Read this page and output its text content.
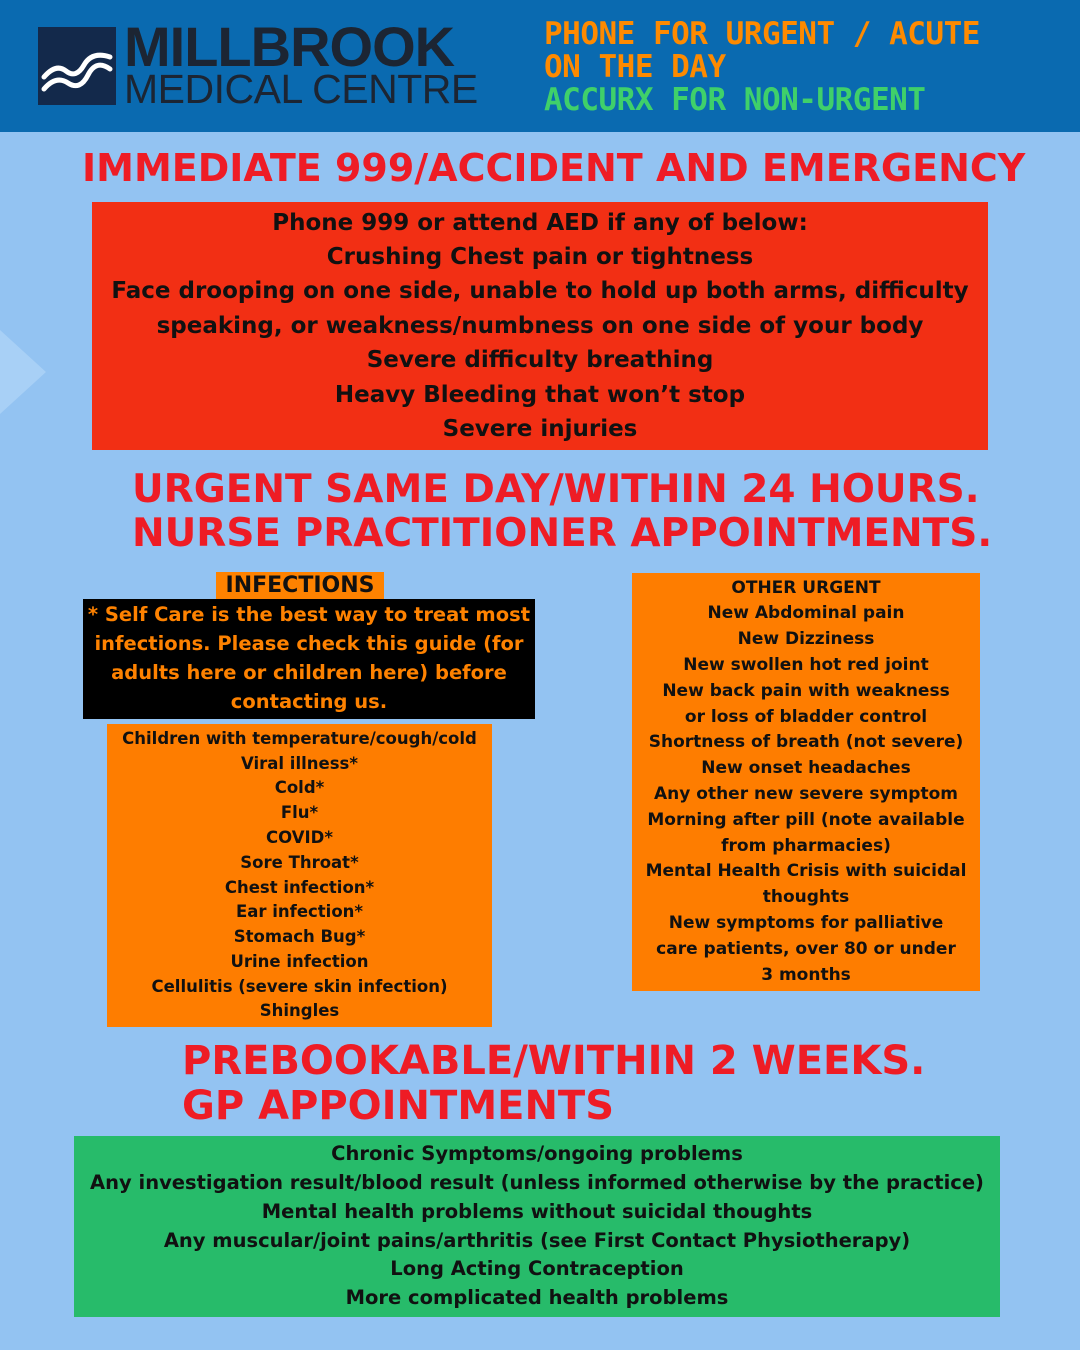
MILLBROOK
MEDICAL CENTRE
PHONE FOR URGENT / ACUTE
ON THE DAY
ACCURX FOR NON-URGENT
IMMEDIATE 999/ACCIDENT AND EMERGENCY
Phone 999 or attend AED if any of below:
Crushing Chest pain or tightness
Face drooping on one side, unable to hold up both arms, difficulty
speaking, or weakness/numbness on one side of your body
Severe difficulty breathing
Heavy Bleeding that won’t stop
Severe injuries
URGENT SAME DAY/WITHIN 24 HOURS.
NURSE PRACTITIONER APPOINTMENTS.
INFECTIONS
* Self Care is the best way to treat most
infections. Please check this guide (for
adults here or children here) before
contacting us.
Children with temperature/cough/cold
Viral illness*
Cold*
Flu*
COVID*
Sore Throat*
Chest infection*
Ear infection*
Stomach Bug*
Urine infection
Cellulitis (severe skin infection)
Shingles
OTHER URGENT
New Abdominal pain
New Dizziness
New swollen hot red joint
New back pain with weakness
or loss of bladder control
Shortness of breath (not severe)
New onset headaches
Any other new severe symptom
Morning after pill (note available
from pharmacies)
Mental Health Crisis with suicidal
thoughts
New symptoms for palliative
care patients, over 80 or under
3 months
PREBOOKABLE/WITHIN 2 WEEKS.
GP APPOINTMENTS
Chronic Symptoms/ongoing problems
Any investigation result/blood result (unless informed otherwise by the practice)
Mental health problems without suicidal thoughts
Any muscular/joint pains/arthritis (see First Contact Physiotherapy)
Long Acting Contraception
More complicated health problems
